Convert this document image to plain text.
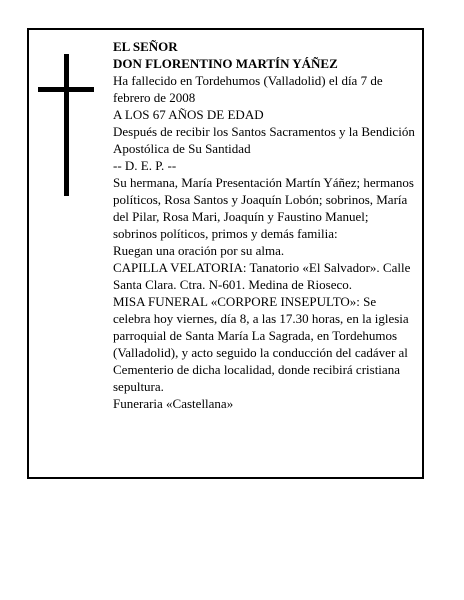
EL SEÑOR

DON FLORENTINO MARTÍN YÁÑEZ

Ha fallecido en Tordehumos (Valladolid) el día 7 de febrero de 2008

A LOS 67 AÑOS DE EDAD

Después de recibir los Santos Sacramentos y la Bendición Apostólica de Su Santidad

-- D. E. P. --

Su hermana, María Presentación Martín Yáñez; hermanos políticos, Rosa Santos y Joaquín Lobón; sobrinos, María del Pilar, Rosa Mari, Joaquín y Faustino Manuel; sobrinos políticos, primos y demás familia:

Ruegan una oración por su alma.

CAPILLA VELATORIA: Tanatorio «El Salvador». Calle Santa Clara. Ctra. N-601. Medina de Rioseco.

MISA FUNERAL «CORPORE INSEPULTO»: Se celebra hoy viernes, día 8, a las 17.30 horas, en la iglesia parroquial de Santa María La Sagrada, en Tordehumos (Valladolid), y acto seguido la conducción del cadáver al Cementerio de dicha localidad, donde recibirá cristiana sepultura.

Funeraria «Castellana»
